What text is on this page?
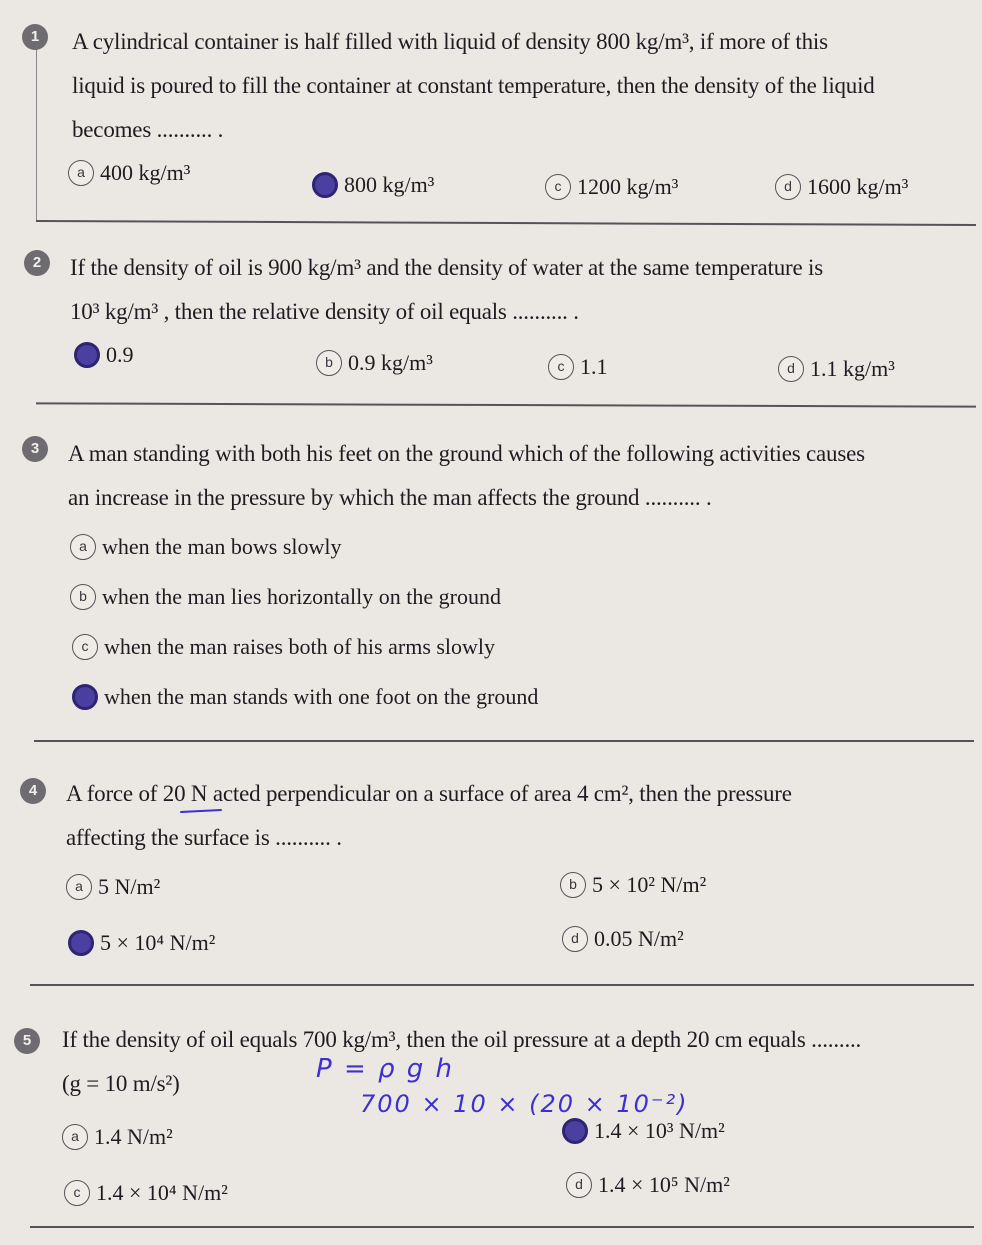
1	A cylindrical container is half filled with liquid of density 800 kg/m³, if more of this
liquid is poured to fill the container at constant temperature, then the density of the liquid
becomes .......... .
a 400 kg/m³	b 800 kg/m³	c 1200 kg/m³	d 1600 kg/m³
2	If the density of oil is 900 kg/m³ and the density of water at the same temperature is
10³ kg/m³ , then the relative density of oil equals .......... .
a 0.9	b 0.9 kg/m³	c 1.1	d 1.1 kg/m³
3	A man standing with both his feet on the ground which of the following activities causes
an increase in the pressure by which the man affects the ground .......... .
a when the man bows slowly
b when the man lies horizontally on the ground
c when the man raises both of his arms slowly
d when the man stands with one foot on the ground
4	A force of 20 N acted perpendicular on a surface of area 4 cm², then the pressure
affecting the surface is .......... .
a 5 N/m²	b 5 × 10² N/m²
c 5 × 10⁴ N/m²	d 0.05 N/m²
5	If the density of oil equals 700 kg/m³, then the oil pressure at a depth 20 cm equals .........
(g = 10 m/s²)	P = ρ g h
700 × 10 × (20 × 10⁻²)
a 1.4 N/m²	b 1.4 × 10³ N/m²
c 1.4 × 10⁴ N/m²	d 1.4 × 10⁵ N/m²
